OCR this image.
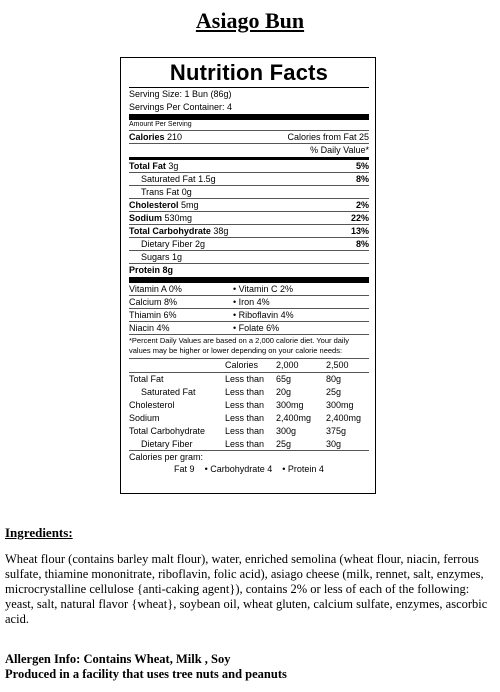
Asiago Bun
Nutrition Facts
Serving Size: 1 Bun (86g)
Servings Per Container: 4
Amount Per Serving
Calories 210	Calories from Fat 25
% Daily Value*
Total Fat 3g	5%
Saturated Fat 1.5g	8%
Trans Fat 0g
Cholesterol 5mg	2%
Sodium 530mg	22%
Total Carbohydrate 38g	13%
Dietary Fiber 2g	8%
Sugars 1g
Protein 8g
Vitamin A 0%	• Vitamin C 2%
Calcium 8%	• Iron 4%
Thiamin 6%	• Riboflavin 4%
Niacin 4%	• Folate 6%
*Percent Daily Values are based on a 2,000 calorie diet. Your daily values may be higher or lower depending on your calorie needs:
	Calories	2,000	2,500
Total Fat	Less than	65g	80g
Saturated Fat	Less than	20g	25g
Cholesterol	Less than	300mg	300mg
Sodium	Less than	2,400mg	2,400mg
Total Carbohydrate	Less than	300g	375g
Dietary Fiber	Less than	25g	30g
Calories per gram:
Fat 9 • Carbohydrate 4 • Protein 4
Ingredients:
Wheat flour (contains barley malt flour), water, enriched semolina (wheat flour, niacin, ferrous sulfate, thiamine mononitrate, riboflavin, folic acid), asiago cheese (milk, rennet, salt, enzymes, microcrystalline cellulose {anti-caking agent}), contains 2% or less of each of the following: yeast, salt, natural flavor {wheat}, soybean oil, wheat gluten, calcium sulfate, enzymes, ascorbic acid.
Allergen Info: Contains Wheat, Milk , Soy
Produced in a facility that uses tree nuts and peanuts
